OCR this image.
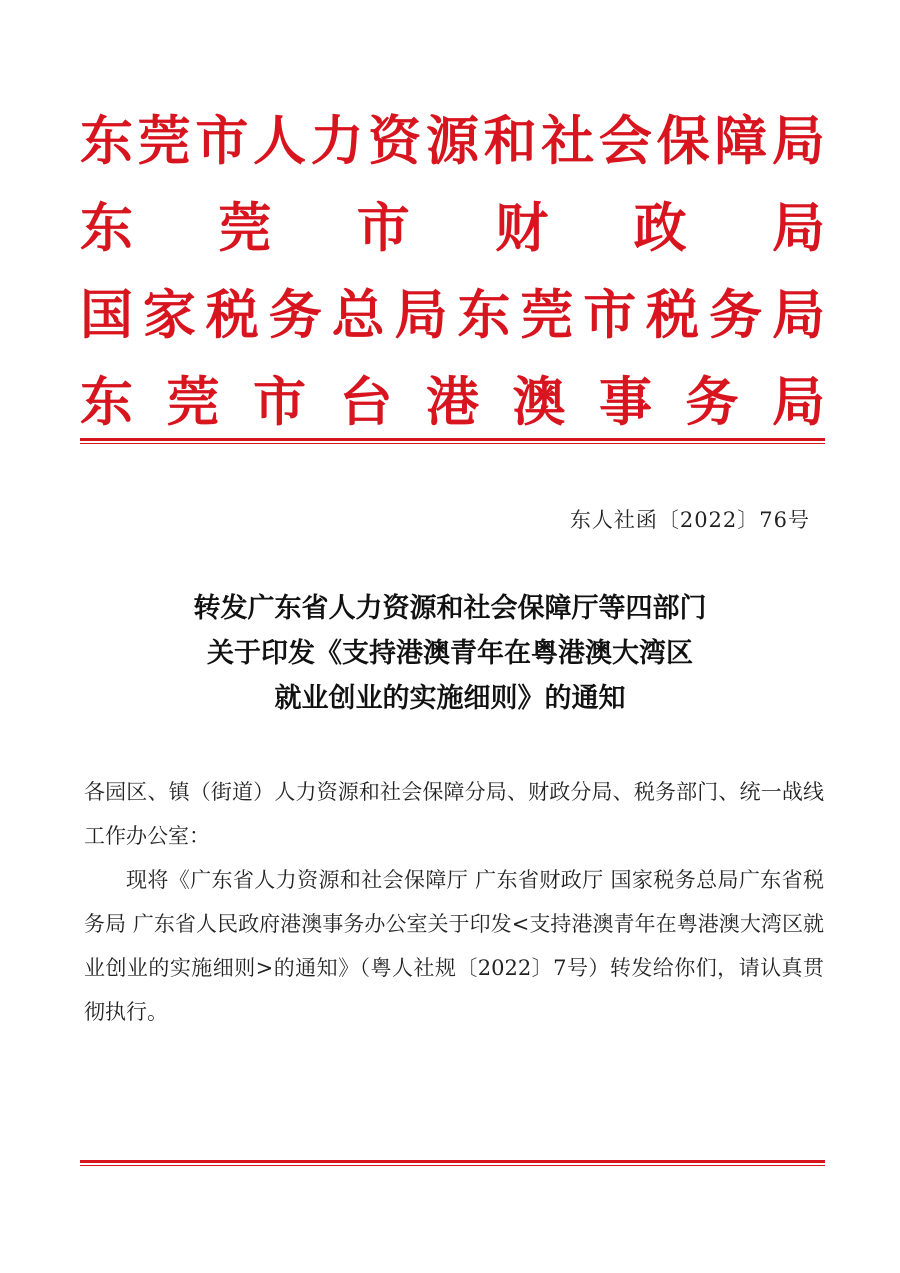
东 莞 市 人 力 资 源 和 社 会 保 障 局
东 莞 市 财 政 局
国 家 税 务 总 局 东 莞 市 税 务 局
东 莞 市 台 港 澳 事 务 局
东人社函〔2022〕76号
转发广东省人力资源和社会保障厅等四部门
关于印发《支持港澳青年在粤港澳大湾区
就业创业的实施细则》的通知
各园区、镇（街道）人力资源和社会保障分局、财政分局、税务部门、统一战线工作办公室：
现将《广东省人力资源和社会保障厅 广东省财政厅 国家税务总局广东省税务局 广东省人民政府港澳事务办公室关于印发<支持港澳青年在粤港澳大湾区就业创业的实施细则>的通知》（粤人社规〔2022〕7号）转发给你们，请认真贯彻执行。
